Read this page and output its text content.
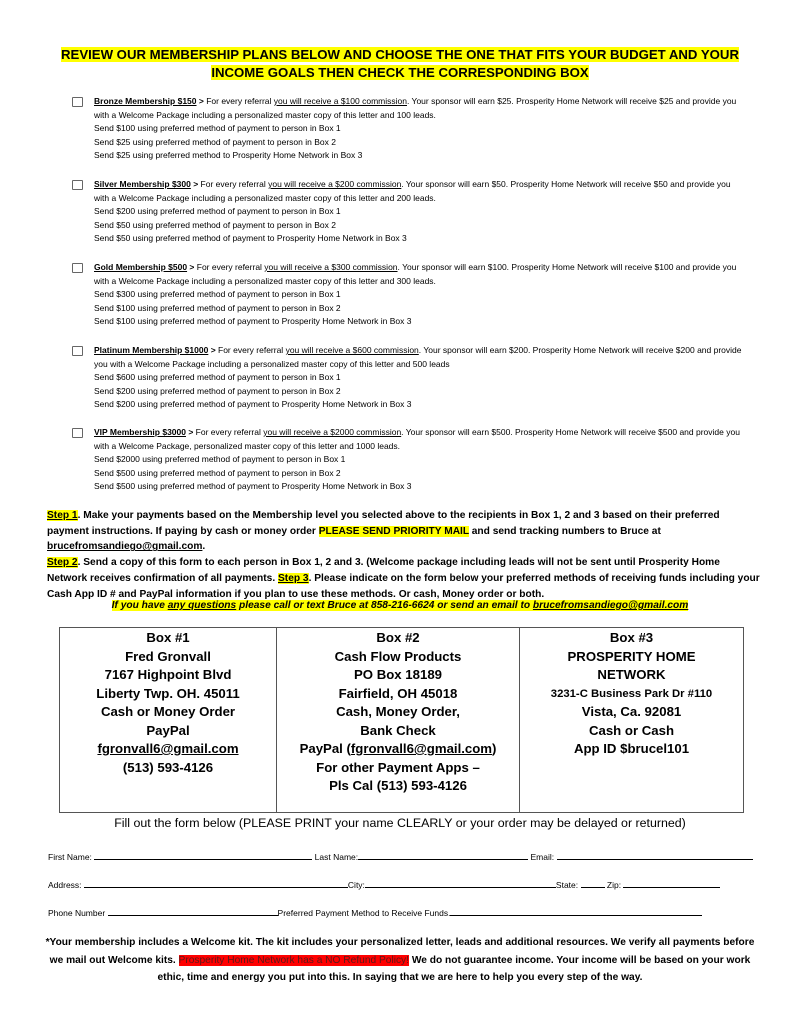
REVIEW OUR MEMBERSHIP PLANS BELOW AND CHOOSE THE ONE THAT FITS YOUR BUDGET AND YOUR
INCOME GOALS THEN CHECK THE CORRESPONDING BOX
Bronze Membership $150 > For every referral you will receive a $100 commission. Your sponsor will earn $25. Prosperity Home Network will receive $25 and provide you
with a Welcome Package including a personalized master copy of this letter and 100 leads.
Send $100 using preferred method of payment to person in Box 1
Send $25 using preferred method of payment to person in Box 2
Send $25 using preferred method to Prosperity Home Network in Box 3
Silver Membership $300 > For every referral you will receive a $200 commission. Your sponsor will earn $50. Prosperity Home Network will receive $50 and provide you
with a Welcome Package including a personalized master copy of this letter and 200 leads.
Send $200 using preferred method of payment to person in Box 1
Send $50 using preferred method of payment to person in Box 2
Send $50 using preferred method of payment to Prosperity Home Network in Box 3
Gold Membership $500 > For every referral you will receive a $300 commission. Your sponsor will earn $100. Prosperity Home Network will receive $100 and provide you
with a Welcome Package including a personalized master copy of this letter and 300 leads.
Send $300 using preferred method of payment to person in Box 1
Send $100 using preferred method of payment to person in Box 2
Send $100 using preferred method of payment to Prosperity Home Network in Box 3
Platinum Membership $1000 > For every referral you will receive a $600 commission. Your sponsor will earn $200. Prosperity Home Network will receive $200 and provide
you with a Welcome Package including a personalized master copy of this letter and 500 leads
Send $600 using preferred method of payment to person in Box 1
Send $200 using preferred method of payment to person in Box 2
Send $200 using preferred method of payment to Prosperity Home Network in Box 3
VIP Membership $3000 > For every referral you will receive a $2000 commission. Your sponsor will earn $500. Prosperity Home Network will receive $500 and provide you
with a Welcome Package, personalized master copy of this letter and 1000 leads.
Send $2000 using preferred method of payment to person in Box 1
Send $500 using preferred method of payment to person in Box 2
Send $500 using preferred method of payment to Prosperity Home Network in Box 3
Step 1. Make your payments based on the Membership level you selected above to the recipients in Box 1, 2 and 3 based on their preferred payment instructions. If paying by cash or money order PLEASE SEND PRIORITY MAIL and send tracking numbers to Bruce at brucefromsandiego@gmail.com.
Step 2. Send a copy of this form to each person in Box 1, 2 and 3. (Welcome package including leads will not be sent until Prosperity Home Network receives confirmation of all payments. Step 3. Please indicate on the form below your preferred methods of receiving funds including your Cash App ID # and PayPal information if you plan to use these methods. Or cash, Money order or both.
If you have any questions please call or text Bruce at 858-216-6624 or send an email to brucefromsandiego@gmail.com
Box #1
Fred Gronvall
7167 Highpoint Blvd
Liberty Twp. OH. 45011
Cash or Money Order
PayPal
fgronvall6@gmail.com
(513) 593-4126
Box #2
Cash Flow Products
PO Box 18189
Fairfield, OH 45018
Cash, Money Order,
Bank Check
PayPal (fgronvall6@gmail.com)
For other Payment Apps –
Pls Cal (513) 593-4126
Box #3
PROSPERITY HOME
NETWORK
3231-C Business Park Dr #110
Vista, Ca. 92081
Cash or Cash
App ID $brucel101
Fill out the form below (PLEASE PRINT your name CLEARLY or your order may be delayed or returned)
First Name:	Last Name:	Email:
Address:	City:	State:	Zip:
Phone Number	Preferred Payment Method to Receive Funds.
*Your membership includes a Welcome kit. The kit includes your personalized letter, leads and additional resources. We verify all payments before we mail out Welcome kits. Prosperity Home Network has a NO Refund Policy! We do not guarantee income. Your income will be based on your work ethic, time and energy you put into this. In saying that we are here to help you every step of the way.
